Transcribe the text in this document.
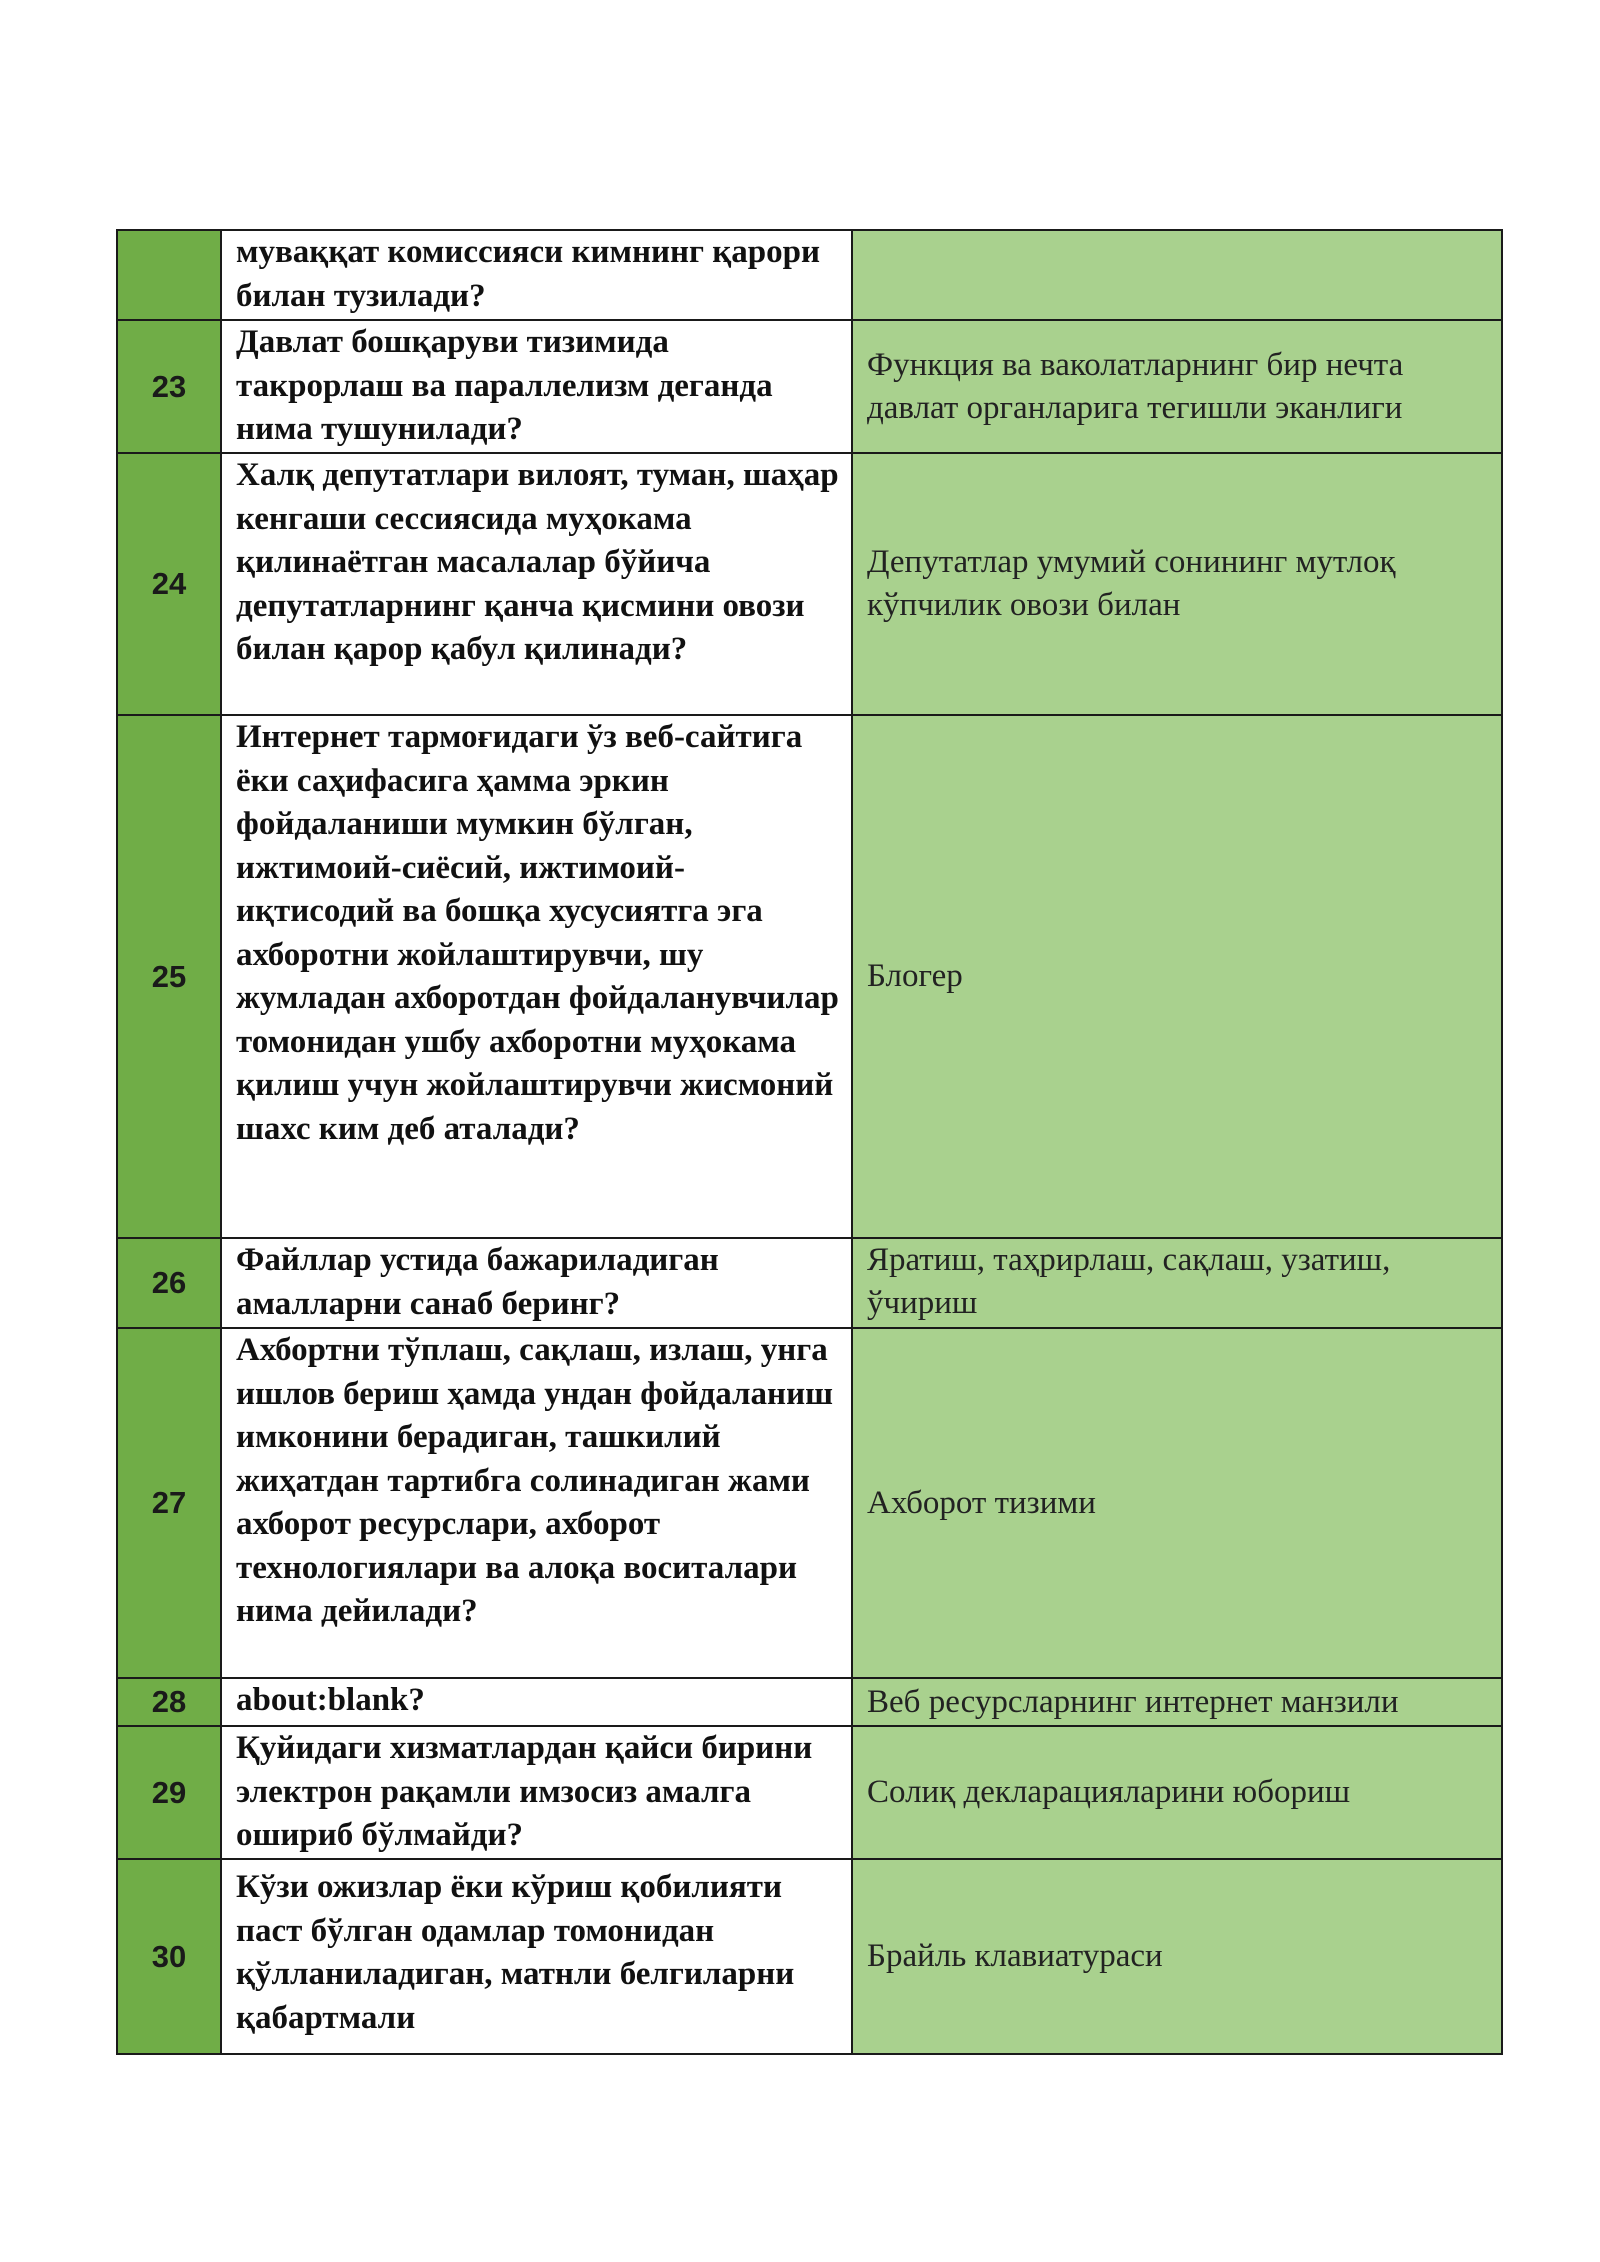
	муваққат комиссияси кимнинг қарори билан тузилади?	
23	Давлат бошқаруви тизимида такрорлаш ва параллелизм деганда нима тушунилади?	Функция ва ваколатларнинг бир нечта давлат органларига тегишли эканлиги
24	Халқ депутатлари вилоят, туман, шаҳар кенгаши сессиясида муҳокама қилинаётган масалалар бўйича депутатларнинг қанча қисмини овози билан қарор қабул қилинади?	Депутатлар умумий сонининг мутлоқ кўпчилик овози билан
25	Интернет тармоғидаги ўз веб-сайтига ёки саҳифасига ҳамма эркин фойдаланиши мумкин бўлган, ижтимоий-сиёсий, ижтимоий-иқтисодий ва бошқа хусусиятга эга ахборотни жойлаштирувчи, шу жумладан ахборотдан фойдаланувчилар томонидан ушбу ахборотни муҳокама қилиш учун жойлаштирувчи жисмоний шахс ким деб аталади?	Блогер
26	Файллар устида бажариладиган амалларни санаб беринг?	Яратиш, таҳрирлаш, сақлаш, узатиш, ўчириш
27	Ахбортни тўплаш, сақлаш, излаш, унга ишлов бериш ҳамда ундан фойдаланиш имконини берадиган, ташкилий жиҳатдан тартибга солинадиган жами ахборот ресурслари, ахборот технологиялари ва алоқа воситалари нима дейилади?	Ахборот тизими
28	about:blank?	Веб ресурсларнинг интернет манзили
29	Қуйидаги хизматлардан қайси бирини электрон рақамли имзосиз амалга ошириб бўлмайди?	Солиқ декларацияларини юбориш
30	Кўзи ожизлар ёки кўриш қобилияти паст бўлган одамлар томонидан қўлланиладиган, матнли белгиларни қабартмали	Брайль клавиатураси
